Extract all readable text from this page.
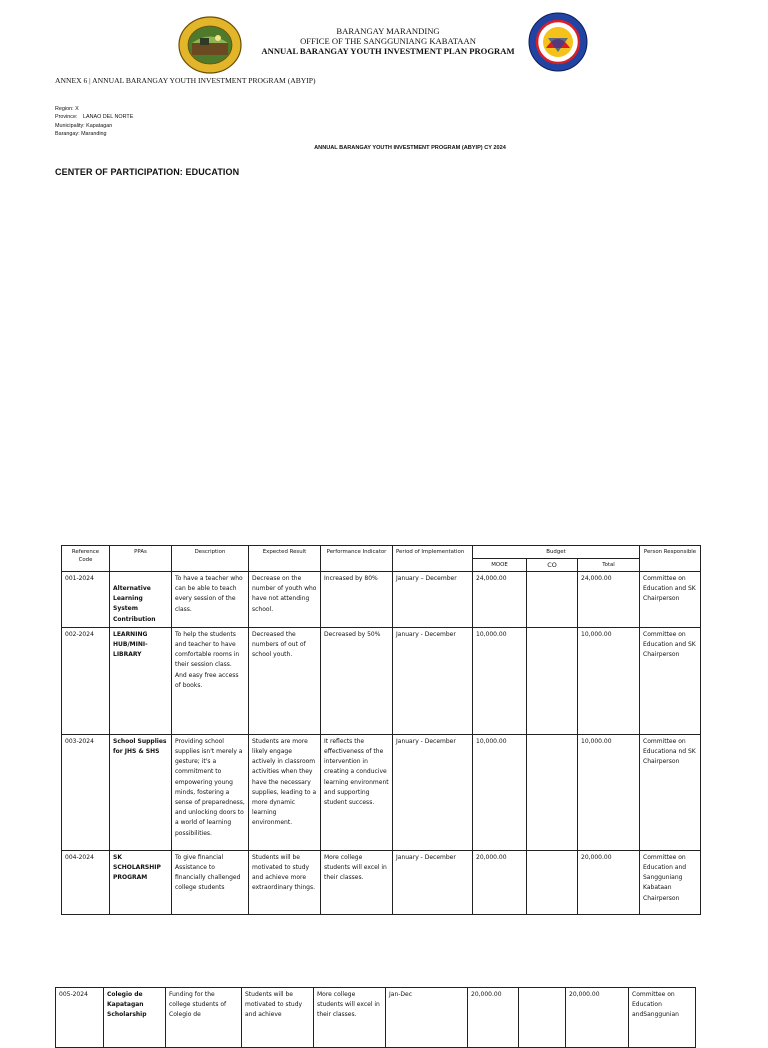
BARANGAY MARANDING
OFFICE OF THE SANGGUNIANG KABATAAN
ANNUAL BARANGAY YOUTH INVESTMENT PLAN PROGRAM
ANNEX 6 | ANNUAL BARANGAY YOUTH INVESTMENT PROGRAM (ABYIP)
Region: X
Province: LANAO DEL NORTE
Municipality: Kapatagan
Barangay: Maranding
ANNUAL BARANGAY YOUTH INVESTMENT PROGRAM (ABYIP) CY 2024
CENTER OF PARTICIPATION: EDUCATION
Reference Code	PPAs	Description	Expected Result	Performance Indicator	Period of Implementation	Budget			Person Responsible
						MOOE	CO	Total	
001-2024	Alternative Learning System Contribution	To have a teacher who can be able to teach every session of the class.	Decrease on the number of youth who have not attending school.	Increased by 80%	January – December	24,000.00		24,000.00	Committee on Education and SK Chairperson
002-2024	LEARNING HUB/MINI-LIBRARY	To help the students and teacher to have comfortable rooms in their session class. And easy free access of books.	Decreased the numbers of out of school youth.	Decreased by 50%	January - December	10,000.00		10,000.00	Committee on Education and SK Chairperson
003-2024	School Supplies for JHS & SHS	Providing school supplies isn't merely a gesture; it's a commitment to empowering young minds, fostering a sense of preparedness, and unlocking doors to a world of learning possibilities.	Students are more likely engage actively in classroom activities when they have the necessary supplies, leading to a more dynamic learning environment.	It reflects the effectiveness of the intervention in creating a conducive learning environment and supporting student success.	January - December	10,000.00		10,000.00	Committee on Educationa nd SK Chairperson
004-2024	SK SCHOLARSHIP PROGRAM	To give financial Assistance to financially challenged college students	Students will be motivated to study and achieve more extraordinary things.	More college students will excel in their classes.	January - December	20,000.00		20,000.00	Committee on Education and Sangguniang Kabataan Chairperson
005-2024	Colegio de Kapatagan Scholarship	Funding for the college students of Colegio de	Students will be motivated to study and achieve	More college students will excel in their classes.	Jan-Dec	20,000.00		20,000.00	Committee on Education andSanggunian
